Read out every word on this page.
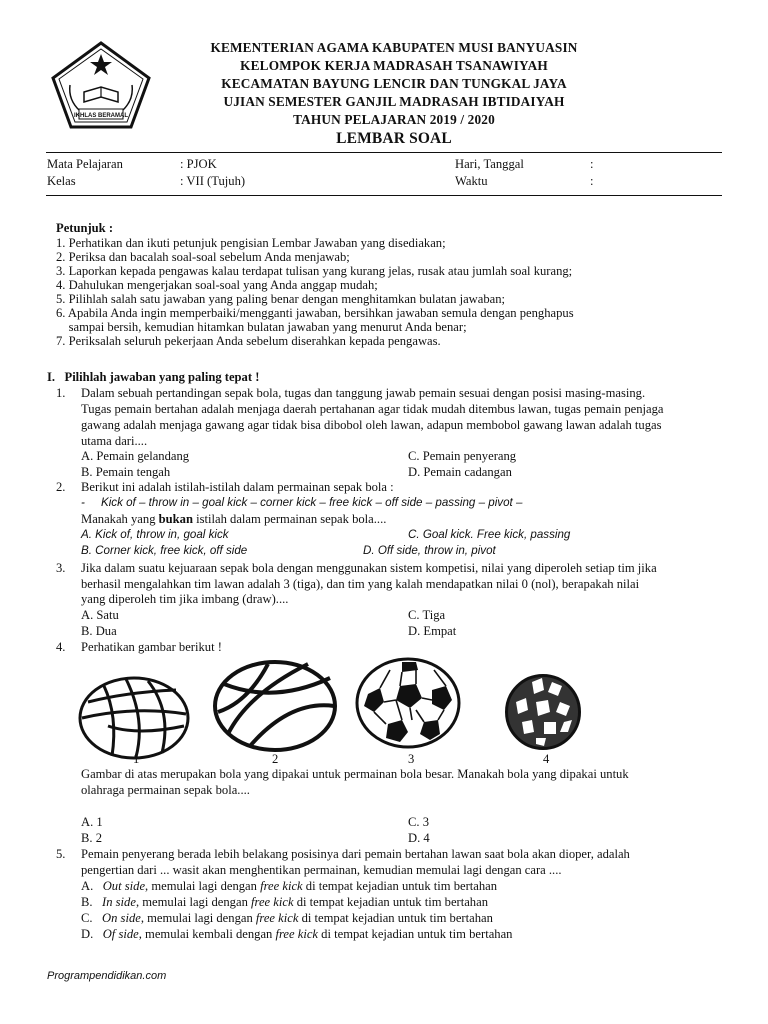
IKHLAS BERAMAL
KEMENTERIAN AGAMA KABUPATEN MUSI BANYUASIN
KELOMPOK KERJA MADRASAH TSANAWIYAH
KECAMATAN BAYUNG LENCIR DAN TUNGKAL JAYA
UJIAN SEMESTER GANJIL MADRASAH IBTIDAIYAH
TAHUN PELAJARAN 2019 / 2020
LEMBAR SOAL
Mata Pelajaran	: PJOK	Hari, Tanggal	:
Kelas	: VII (Tujuh)	Waktu	:
Petunjuk :
1. Perhatikan dan ikuti petunjuk pengisian Lembar Jawaban yang disediakan;
2. Periksa dan bacalah soal-soal sebelum Anda menjawab;
3. Laporkan kepada pengawas kalau terdapat tulisan yang kurang jelas, rusak atau jumlah soal kurang;
4. Dahulukan mengerjakan soal-soal yang Anda anggap mudah;
5. Pilihlah salah satu jawaban yang paling benar dengan menghitamkan bulatan jawaban;
6. Apabila Anda ingin memperbaiki/mengganti jawaban, bersihkan jawaban semula dengan penghapus
sampai bersih, kemudian hitamkan bulatan jawaban yang menurut Anda benar;
7. Periksalah seluruh pekerjaan Anda sebelum diserahkan kepada pengawas.
I.   Pilihlah jawaban yang paling tepat !
1. Dalam sebuah pertandingan sepak bola, tugas dan tanggung jawab pemain sesuai dengan posisi masing-masing.
Tugas pemain bertahan adalah menjaga daerah pertahanan agar tidak mudah ditembus lawan, tugas pemain penjaga
gawang adalah menjaga gawang agar tidak bisa dibobol oleh lawan, adapun membobol gawang lawan adalah tugas
utama dari....
A. Pemain gelandang	C. Pemain penyerang
B. Pemain tengah	D. Pemain cadangan
2. Berikut ini adalah istilah-istilah dalam permainan sepak bola :
-     Kick of – throw in – goal kick – corner kick – free kick – off side – passing – pivot –
Manakah yang bukan istilah dalam permainan sepak bola....
A. Kick of, throw in, goal kick	C. Goal kick. Free kick, passing
B. Corner kick, free kick, off side	D. Off side, throw in, pivot
3. Jika dalam suatu kejuaraan sepak bola dengan menggunakan sistem kompetisi, nilai yang diperoleh setiap tim jika
berhasil mengalahkan tim lawan adalah 3 (tiga), dan tim yang kalah mendapatkan nilai 0 (nol), berapakah nilai
yang diperoleh tim jika imbang (draw)....
A. Satu	C. Tiga
B. Dua	D. Empat
4. Perhatikan gambar berikut !
1	2	3	4
Gambar di atas merupakan bola yang dipakai untuk permainan bola besar. Manakah bola yang dipakai untuk
olahraga permainan sepak bola....
A. 1	C. 3
B. 2	D. 4
5. Pemain penyerang berada lebih belakang posisinya dari pemain bertahan lawan saat bola akan dioper, adalah
pengertian dari ... wasit akan menghentikan permainan, kemudian memulai lagi dengan cara ....
A. Out side, memulai lagi dengan free kick di tempat kejadian untuk tim bertahan
B. In side, memulai lagi dengan free kick di tempat kejadian untuk tim bertahan
C. On side, memulai lagi dengan free kick di tempat kejadian untuk tim bertahan
D. Of side, memulai kembali dengan free kick di tempat kejadian untuk tim bertahan
Programpendidikan.com
